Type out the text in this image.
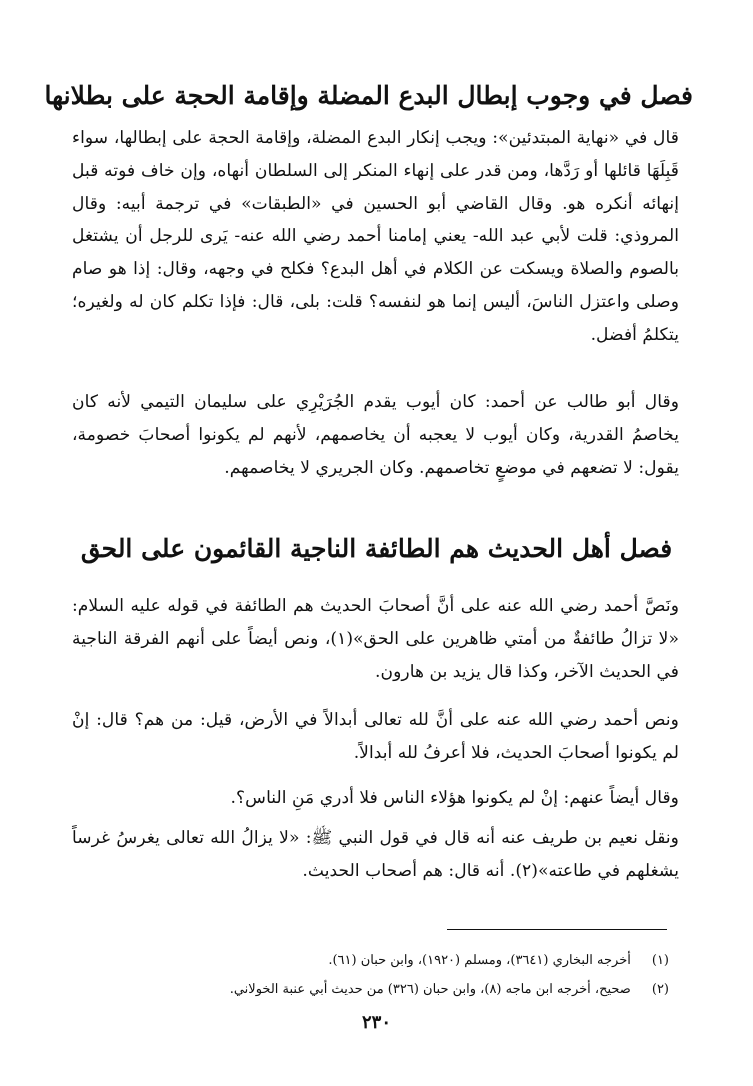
فصل في وجوب إبطال البدع المضلة وإقامة الحجة على بطلانها

قال في «نهاية المبتدئين»: ويجب إنكار البدع المضلة، وإقامة الحجة على إبطالها، سواء قَبِلَهَا قائلها أو رَدَّها، ومن قدر على إنهاء المنكر إلى السلطان أنهاه، وإن خاف فوته قبل إنهائه أنكره هو. وقال القاضي أبو الحسين في «الطبقات» في ترجمة أبيه: وقال المروذي: قلت لأبي عبد الله- يعني إمامنا أحمد رضي الله عنه- يَرى للرجل أن يشتغل بالصوم والصلاة ويسكت عن الكلام في أهل البدع؟ فكلح في وجهه، وقال: إذا هو صام وصلى واعتزل الناسَ، أليس إنما هو لنفسه؟ قلت: بلى، قال: فإذا تكلم كان له ولغيره؛ يتكلمُ أفضل.

وقال أبو طالب عن أحمد: كان أيوب يقدم الجُرَيْرِي على سليمان التيمي لأنه كان يخاصمُ القدرية، وكان أيوب لا يعجبه أن يخاصمهم، لأنهم لم يكونوا أصحابَ خصومة، يقول: لا تضعهم في موضعٍ تخاصمهم. وكان الجريري لا يخاصمهم.

فصل أهل الحديث هم الطائفة الناجية القائمون على الحق

ونَصَّ أحمد رضي الله عنه على أنَّ أصحابَ الحديث هم الطائفة في قوله عليه السلام: «لا تزالُ طائفةٌ من أمتي ظاهرين على الحق»(١)، ونص أيضاً على أنهم الفرقة الناجية في الحديث الآخر، وكذا قال يزيد بن هارون.

ونص أحمد رضي الله عنه على أنَّ لله تعالى أبدالاً في الأرض، قيل: من هم؟ قال: إنْ لم يكونوا أصحابَ الحديث، فلا أعرفُ لله أبدالاً.

وقال أيضاً عنهم: إنْ لم يكونوا هؤلاء الناس فلا أدري مَنِ الناس؟.

ونقل نعيم بن طريف عنه أنه قال في قول النبي ﷺ: «لا يزالُ الله تعالى يغرسُ غرساً يشغلهم في طاعته»(٢). أنه قال: هم أصحاب الحديث.

(١) أخرجه البخاري (٣٦٤١)، ومسلم (١٩٢٠)، وابن حبان (٦١).
(٢) صحيح، أخرجه ابن ماجه (٨)، وابن حبان (٣٢٦) من حديث أبي عنبة الخولاني.
٢٣٠
